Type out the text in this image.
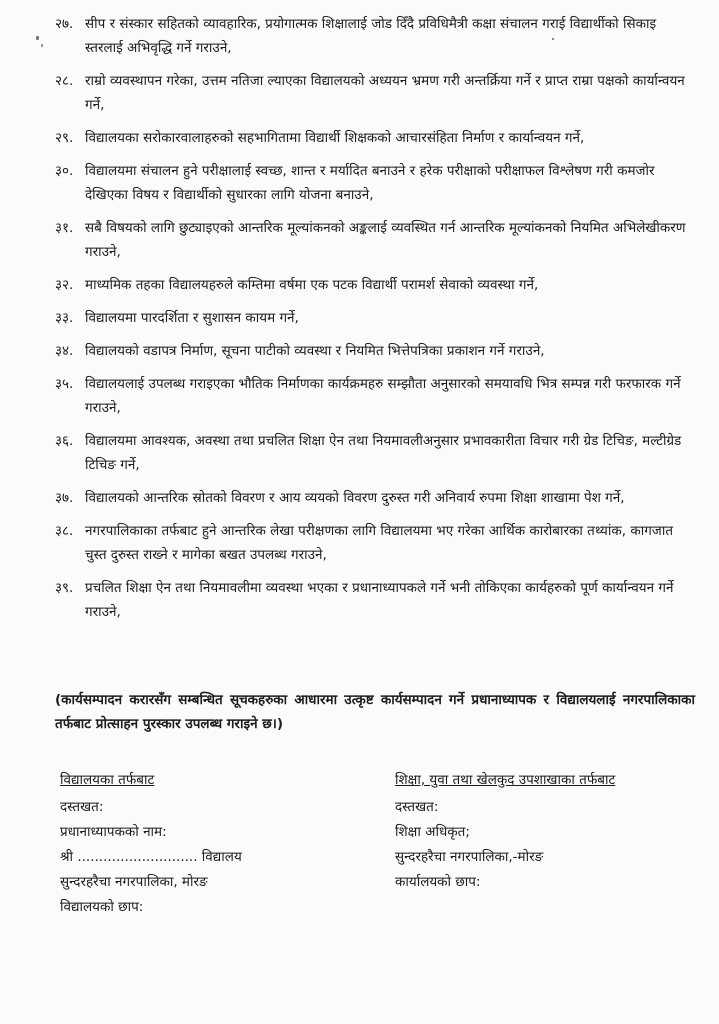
२७. सीप र संस्कार सहितको व्यावहारिक, प्रयोगात्मक शिक्षालाई जोड दिँदै प्रविधिमैत्री कक्षा संचालन गराई विद्यार्थीको सिकाइ स्तरलाई अभिवृद्धि गर्ने गराउने,
२८. राम्रो व्यवस्थापन गरेका, उत्तम नतिजा ल्याएका विद्यालयको अध्ययन भ्रमण गरी अन्तर्क्रिया गर्ने र प्राप्त राम्रा पक्षको कार्यान्वयन गर्ने,
२९. विद्यालयका सरोकारवालाहरुको सहभागितामा विद्यार्थी शिक्षकको आचारसंहिता निर्माण र कार्यान्वयन गर्ने,
३०. विद्यालयमा संचालन हुने परीक्षालाई स्वच्छ, शान्त र मर्यादित बनाउने र हरेक परीक्षाको परीक्षाफल विश्लेषण गरी कमजोर देखिएका विषय र विद्यार्थीको सुधारका लागि योजना बनाउने,
३१. सबै विषयको लागि छुट्याइएको आन्तरिक मूल्यांकनको अङ्कलाई व्यवस्थित गर्न आन्तरिक मूल्यांकनको नियमित अभिलेखीकरण गराउने,
३२. माध्यमिक तहका विद्यालयहरुले कम्तिमा वर्षमा एक पटक विद्यार्थी परामर्श सेवाको व्यवस्था गर्ने,
३३. विद्यालयमा पारदर्शिता र सुशासन कायम गर्ने,
३४. विद्यालयको वडापत्र निर्माण, सूचना पाटीको व्यवस्था र नियमित भित्तेपत्रिका प्रकाशन गर्ने गराउने,
३५. विद्यालयलाई उपलब्ध गराइएका भौतिक निर्माणका कार्यक्रमहरु सम्झौता अनुसारको समयावधि भित्र सम्पन्न गरी फरफारक गर्ने गराउने,
३६. विद्यालयमा आवश्यक, अवस्था तथा प्रचलित शिक्षा ऐन तथा नियमावलीअनुसार प्रभावकारीता विचार गरी ग्रेड टिचिङ, मल्टीग्रेड टिचिङ गर्ने,
३७. विद्यालयको आन्तरिक स्रोतको विवरण र आय व्ययको विवरण दुरुस्त गरी अनिवार्य रुपमा शिक्षा शाखामा पेश गर्ने,
३८. नगरपालिकाका तर्फबाट हुने आन्तरिक लेखा परीक्षणका लागि विद्यालयमा भए गरेका आर्थिक कारोबारका तथ्यांक, कागजात चुस्त दुरुस्त राख्ने र मागेका बखत उपलब्ध गराउने,
३९. प्रचलित शिक्षा ऐन तथा नियमावलीमा व्यवस्था भएका र प्रधानाध्यापकले गर्ने भनी तोकिएका कार्यहरुको पूर्ण कार्यान्वयन गर्ने गराउने,
(कार्यसम्पादन करारसँग सम्बन्धित सूचकहरुका आधारमा उत्कृष्ट कार्यसम्पादन गर्ने प्रधानाध्यापक र विद्यालयलाई नगरपालिकाका तर्फबाट प्रोत्साहन पुरस्कार उपलब्ध गराइने छ।)
विद्यालयका तर्फबाट
दस्तखत:
प्रधानाध्यापकको नाम:
श्री ............................ विद्यालय
सुन्दरहरैचा नगरपालिका, मोरङ
विद्यालयको छाप:
शिक्षा, युवा तथा खेलकुद उपशाखाका तर्फबाट
दस्तखत:
शिक्षा अधिकृत;
सुन्दरहरैचा नगरपालिका,-मोरङ
कार्यालयको छाप:
